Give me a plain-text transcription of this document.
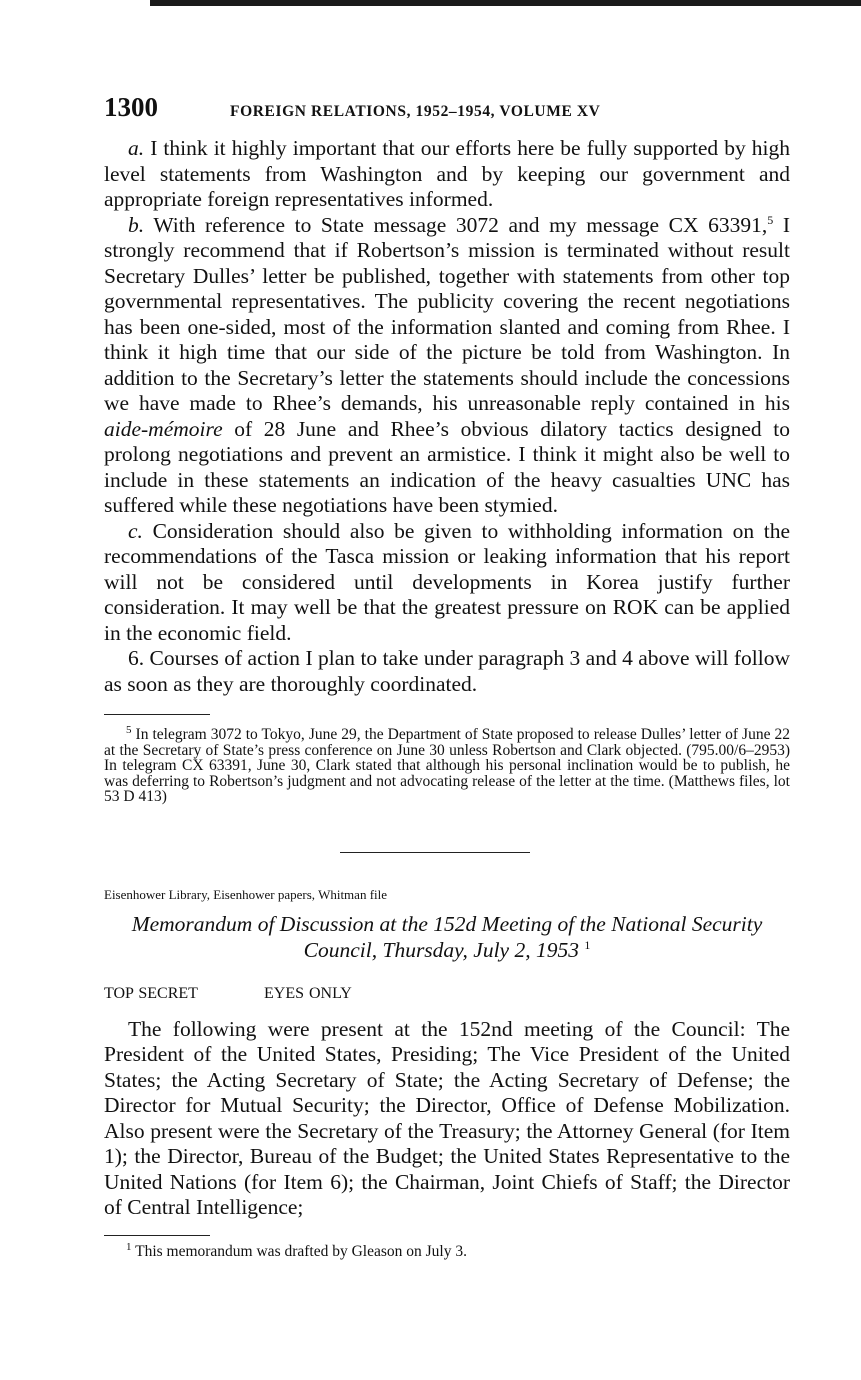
1300	FOREIGN RELATIONS, 1952–1954, VOLUME XV

a. I think it highly important that our efforts here be fully supported by high level statements from Washington and by keeping our government and appropriate foreign representatives informed.

b. With reference to State message 3072 and my message CX 63391,$^5$ I strongly recommend that if Robertson’s mission is terminated without result Secretary Dulles’ letter be published, together with statements from other top governmental representatives. The publicity covering the recent negotiations has been one-sided, most of the information slanted and coming from Rhee. I think it high time that our side of the picture be told from Washington. In addition to the Secretary’s letter the statements should include the concessions we have made to Rhee’s demands, his unreasonable reply contained in his aide-mémoire of 28 June and Rhee’s obvious dilatory tactics designed to prolong negotiations and prevent an armistice. I think it might also be well to include in these statements an indication of the heavy casualties UNC has suffered while these negotiations have been stymied.

c. Consideration should also be given to withholding information on the recommendations of the Tasca mission or leaking information that his report will not be considered until developments in Korea justify further consideration. It may well be that the greatest pressure on ROK can be applied in the economic field.

6. Courses of action I plan to take under paragraph 3 and 4 above will follow as soon as they are thoroughly coordinated.

$^5$ In telegram 3072 to Tokyo, June 29, the Department of State proposed to release Dulles’ letter of June 22 at the Secretary of State’s press conference on June 30 unless Robertson and Clark objected. (795.00/6–2953) In telegram CX 63391, June 30, Clark stated that although his personal inclination would be to publish, he was deferring to Robertson’s judgment and not advocating release of the letter at the time. (Matthews files, lot 53 D 413)

Eisenhower Library, Eisenhower papers, Whitman file
Memorandum of Discussion at the 152d Meeting of the National Security Council, Thursday, July 2, 1953 $^1$
TOP SECRET	EYES ONLY

The following were present at the 152nd meeting of the Council: The President of the United States, Presiding; The Vice President of the United States; the Acting Secretary of State; the Acting Secretary of Defense; the Director for Mutual Security; the Director, Office of Defense Mobilization. Also present were the Secretary of the Treasury; the Attorney General (for Item 1); the Director, Bureau of the Budget; the United States Representative to the United Nations (for Item 6); the Chairman, Joint Chiefs of Staff; the Director of Central Intelligence;

$^1$ This memorandum was drafted by Gleason on July 3.
